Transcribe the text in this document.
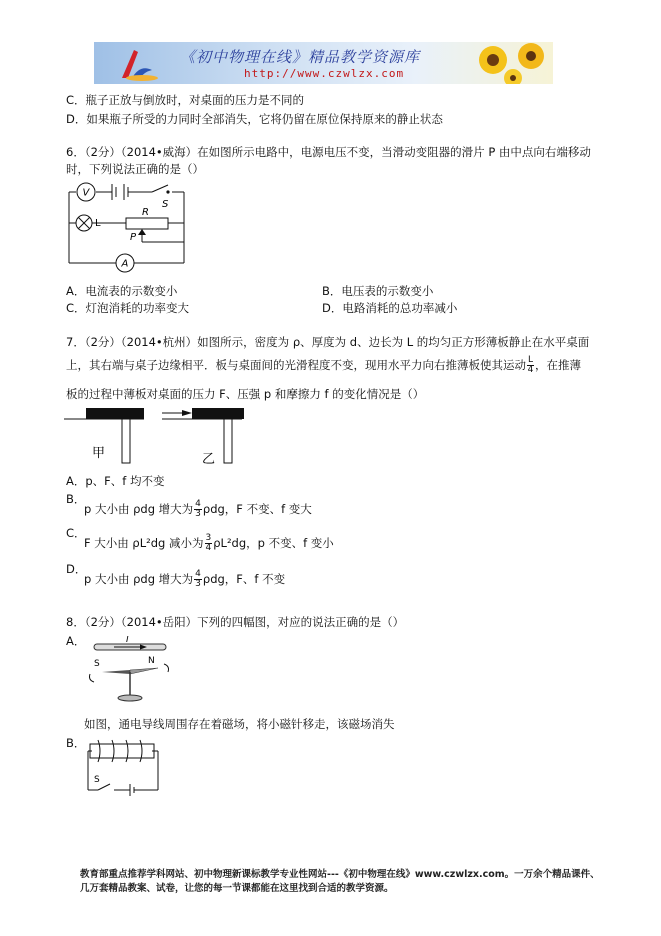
《初中物理在线》精品教学资源库
http://www.czwlzx.com
C．瓶子正放与倒放时，对桌面的压力是不同的
D．如果瓶子所受的力同时全部消失，它将仍留在原位保持原来的静止状态
6．（2分）（2014•威海）在如图所示电路中，电源电压不变，当滑动变阻器的滑片 P 由中点向右端移动
时，下列说法正确的是（）
V
L
S
R
P
A
A．电流表的示数变小	B．电压表的示数变小
C．灯泡消耗的功率变大	D．电路消耗的总功率减小
7．（2分）（2014•杭州）如图所示，密度为 ρ、厚度为 d、边长为 L 的均匀正方形薄板静止在水平桌面
上，其右端与桌子边缘相平．板与桌面间的光滑程度不变，现用水平力向右推薄板使其运动 $\frac{L}{4}$ ，在推薄
板的过程中薄板对桌面的压力 F、压强 p 和摩擦力 f 的变化情况是（）
甲	乙
A．p、F、f 均不变
B．
p 大小由 ρdg 增大为 $\frac{4}{3}$ ρdg，F 不变、f 变大
C．
F 大小由 ρL²dg 减小为 $\frac{3}{4} \rho L^2dg$，p 不变、f 变小
D．
p 大小由 ρdg 增大为 $\frac{4}{3}$ ρdg，F、f 不变
8．（2分）（2014•岳阳）下列的四幅图，对应的说法正确的是（）
A．	I
S	N
如图，通电导线周围存在着磁场，将小磁针移走，该磁场消失
B．
S
教育部重点推荐学科网站、初中物理新课标教学专业性网站---《初中物理在线》www.czwlzx.com。一万余个精品课件、
几万套精品教案、试卷，让您的每一节课都能在这里找到合适的教学资源。
